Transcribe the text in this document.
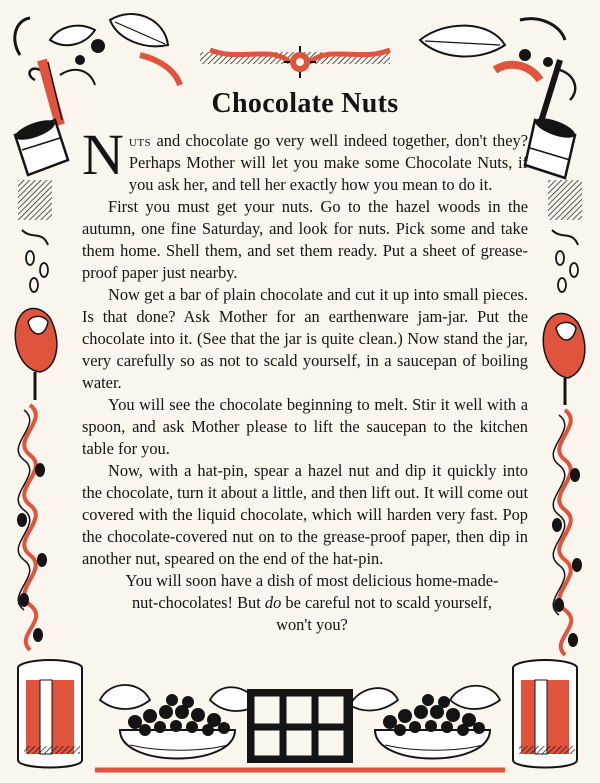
Chocolate Nuts

Nuts and chocolate go very well indeed together, don't they? Perhaps Mother will let you make some Chocolate Nuts, if you ask her, and tell her exactly how you mean to do it.

First you must get your nuts. Go to the hazel woods in the autumn, one fine Saturday, and look for nuts. Pick some and take them home. Shell them, and set them ready. Put a sheet of grease-proof paper just nearby.

Now get a bar of plain chocolate and cut it up into small pieces. Is that done? Ask Mother for an earthenware jam-jar. Put the chocolate into it. (See that the jar is quite clean.) Now stand the jar, very carefully so as not to scald yourself, in a saucepan of boiling water.

You will see the chocolate beginning to melt. Stir it well with a spoon, and ask Mother please to lift the saucepan to the kitchen table for you.

Now, with a hat-pin, spear a hazel nut and dip it quickly into the chocolate, turn it about a little, and then lift out. It will come out covered with the liquid chocolate, which will harden very fast. Pop the chocolate-covered nut on to the grease-proof paper, then dip in another nut, speared on the end of the hat-pin.

You will soon have a dish of most delicious home-made-nut-chocolates! But do be careful not to scald yourself, won't you?
